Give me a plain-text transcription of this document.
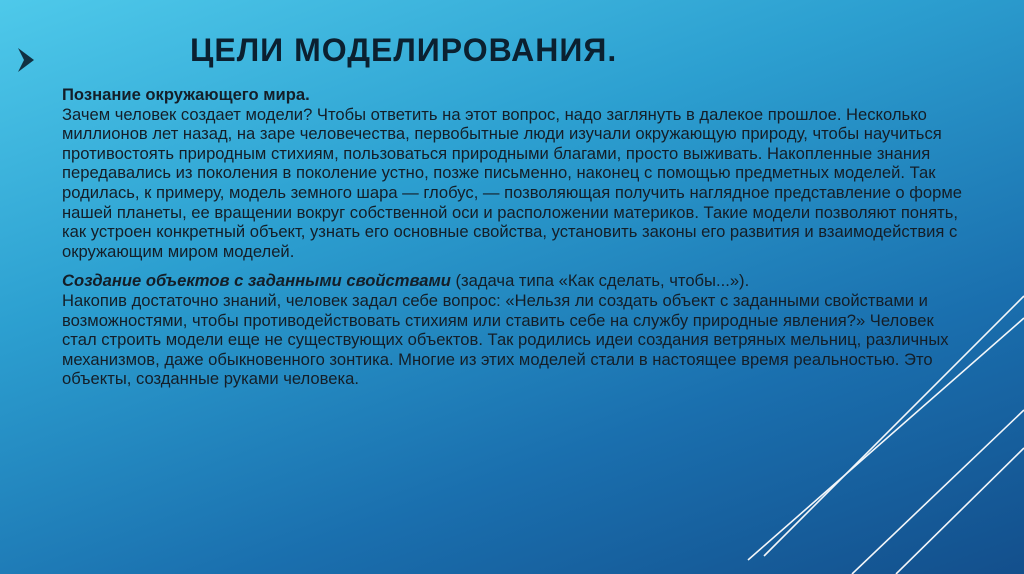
ЦЕЛИ МОДЕЛИРОВАНИЯ.

Познание окружающего мира.
Зачем человек создает модели? Чтобы ответить на этот вопрос, надо заглянуть в далекое прошлое. Несколько миллионов лет назад, на заре человечества, первобытные люди изучали окружающую природу, чтобы научиться противостоять природным стихиям, пользоваться природными благами, просто выживать. Накопленные знания передавались из поколения в поколение устно, позже письменно, наконец с помощью предметных моделей. Так родилась, к примеру, модель земного шара — глобус, — позволяющая получить наглядное представление о форме нашей планеты, ее вращении вокруг собственной оси и расположении материков. Такие модели позволяют понять, как устроен конкретный объект, узнать его основные свойства, установить законы его развития и взаимодействия с окружающим миром моделей.

Создание объектов с заданными свойствами (задача типа «Как сделать, чтобы...»).
Накопив достаточно знаний, человек задал себе вопрос: «Нельзя ли создать объект с заданными свойствами и возможностями, чтобы противодействовать стихиям или ставить себе на службу природные явления?» Человек стал строить модели еще не существующих объектов. Так родились идеи создания ветряных мельниц, различных механизмов, даже обыкновенного зонтика. Многие из этих моделей стали в настоящее время реальностью. Это объекты, созданные руками человека.
